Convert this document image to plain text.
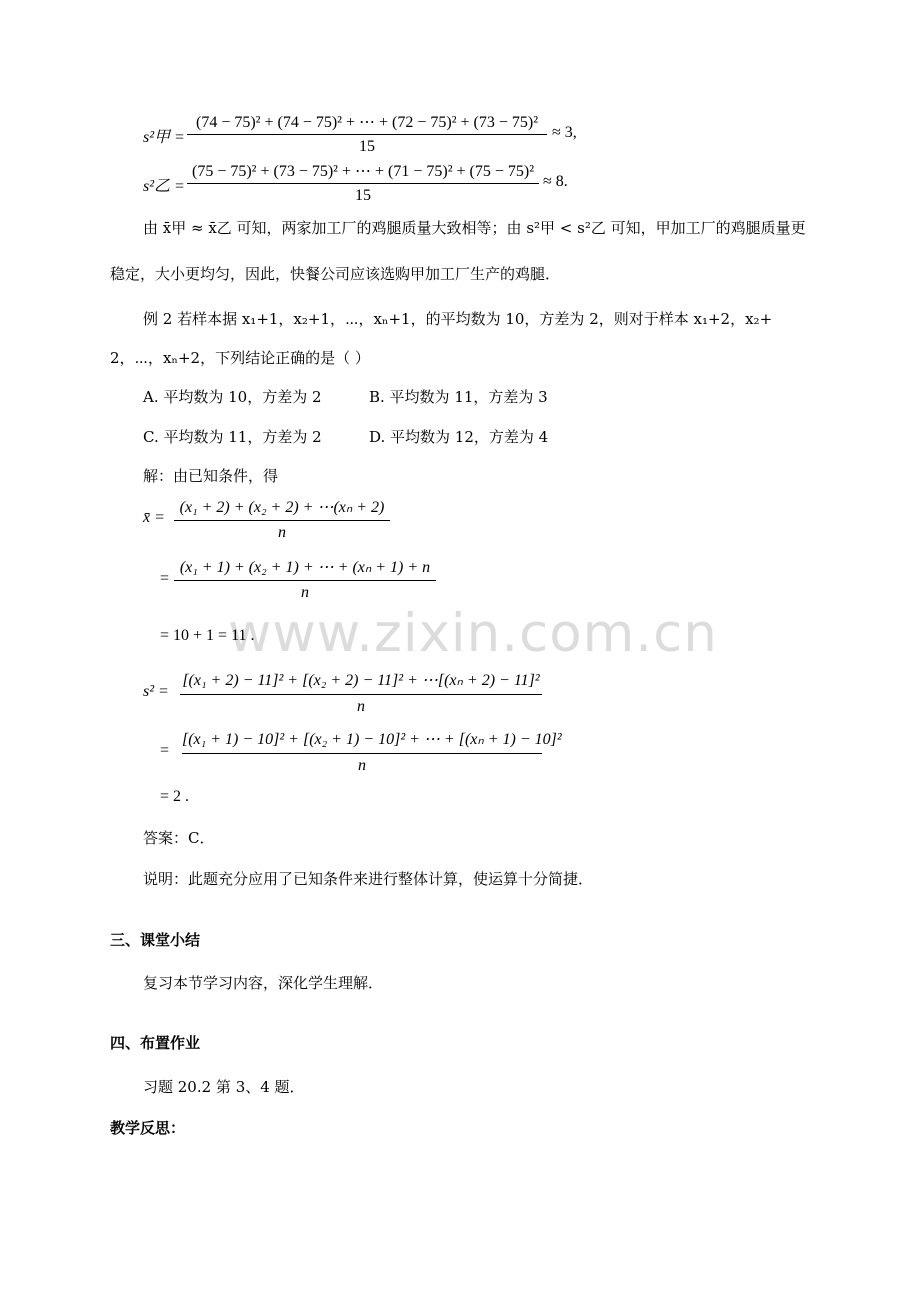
www.zixin.com.cn
s²甲 =
(74 − 75)² + (74 − 75)² + ⋯ + (72 − 75)² + (73 − 75)²
15
≈ 3,
s²乙 =
(75 − 75)² + (73 − 75)² + ⋯ + (71 − 75)² + (75 − 75)²
15
≈ 8.
由 x̄甲 ≈ x̄乙 可知，两家加工厂的鸡腿质量大致相等；由 s²甲 < s²乙 可知，甲加工厂的鸡腿质量更
稳定，大小更均匀，因此，快餐公司应该选购甲加工厂生产的鸡腿．
例 2 若样本据 x₁+1，x₂+1，⋯，xₙ+1，的平均数为 10，方差为 2，则对于样本 x₁+2，x₂+
2，⋯，xₙ+2，下列结论正确的是（ ）
A. 平均数为 10，方差为 2	B. 平均数为 11，方差为 3
C. 平均数为 11，方差为 2	D. 平均数为 12，方差为 4
解：由已知条件，得
x̄ =
(x₁ + 2) + (x₂ + 2) + ⋯(xₙ + 2)
n
=
(x₁ + 1) + (x₂ + 1) + ⋯ + (xₙ + 1) + n
n
= 10 + 1 = 11 .
s² =
[(x₁ + 2) − 11]² + [(x₂ + 2) − 11]² + ⋯[(xₙ + 2) − 11]²
n
=
[(x₁ + 1) − 10]² + [(x₂ + 1) − 10]² + ⋯ + [(xₙ + 1) − 10]²
n
= 2 .
答案：C．
说明：此题充分应用了已知条件来进行整体计算，使运算十分简捷．
三、课堂小结
复习本节学习内容，深化学生理解．
四、布置作业
习题 20.2 第 3、4 题．
教学反思：
